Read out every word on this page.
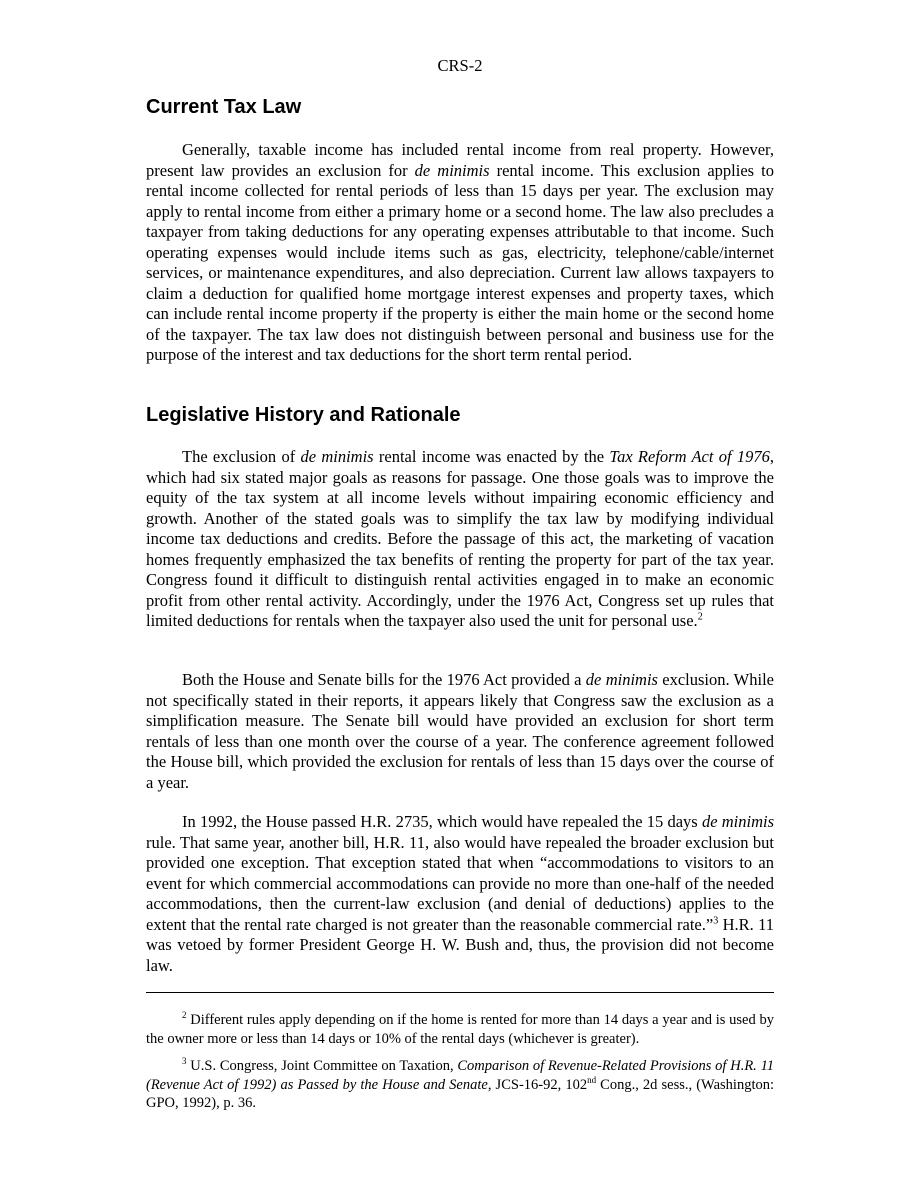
CRS-2
Current Tax Law

Generally, taxable income has included rental income from real property. However, present law provides an exclusion for de minimis rental income. This exclusion applies to rental income collected for rental periods of less than 15 days per year. The exclusion may apply to rental income from either a primary home or a second home. The law also precludes a taxpayer from taking deductions for any operating expenses attributable to that income. Such operating expenses would include items such as gas, electricity, telephone/cable/internet services, or maintenance expenditures, and also depreciation. Current law allows taxpayers to claim a deduction for qualified home mortgage interest expenses and property taxes, which can include rental income property if the property is either the main home or the second home of the taxpayer. The tax law does not distinguish between personal and business use for the purpose of the interest and tax deductions for the short term rental period.

Legislative History and Rationale

The exclusion of de minimis rental income was enacted by the Tax Reform Act of 1976, which had six stated major goals as reasons for passage. One those goals was to improve the equity of the tax system at all income levels without impairing economic efficiency and growth. Another of the stated goals was to simplify the tax law by modifying individual income tax deductions and credits. Before the passage of this act, the marketing of vacation homes frequently emphasized the tax benefits of renting the property for part of the tax year. Congress found it difficult to distinguish rental activities engaged in to make an economic profit from other rental activity. Accordingly, under the 1976 Act, Congress set up rules that limited deductions for rentals when the taxpayer also used the unit for personal use.$^2$

Both the House and Senate bills for the 1976 Act provided a de minimis exclusion. While not specifically stated in their reports, it appears likely that Congress saw the exclusion as a simplification measure. The Senate bill would have provided an exclusion for short term rentals of less than one month over the course of a year. The conference agreement followed the House bill, which provided the exclusion for rentals of less than 15 days over the course of a year.

In 1992, the House passed H.R. 2735, which would have repealed the 15 days de minimis rule. That same year, another bill, H.R. 11, also would have repealed the broader exclusion but provided one exception. That exception stated that when “accommodations to visitors to an event for which commercial accommodations can provide no more than one-half of the needed accommodations, then the current-law exclusion (and denial of deductions) applies to the extent that the rental rate charged is not greater than the reasonable commercial rate.”$^3$ H.R. 11 was vetoed by former President George H. W. Bush and, thus, the provision did not become law.

$^2$ Different rules apply depending on if the home is rented for more than 14 days a year and is used by the owner more or less than 14 days or 10% of the rental days (whichever is greater).

$^3$ U.S. Congress, Joint Committee on Taxation, Comparison of Revenue-Related Provisions of H.R. 11 (Revenue Act of 1992) as Passed by the House and Senate, JCS-16-92, 102nd Cong., 2d sess., (Washington: GPO, 1992), p. 36.
